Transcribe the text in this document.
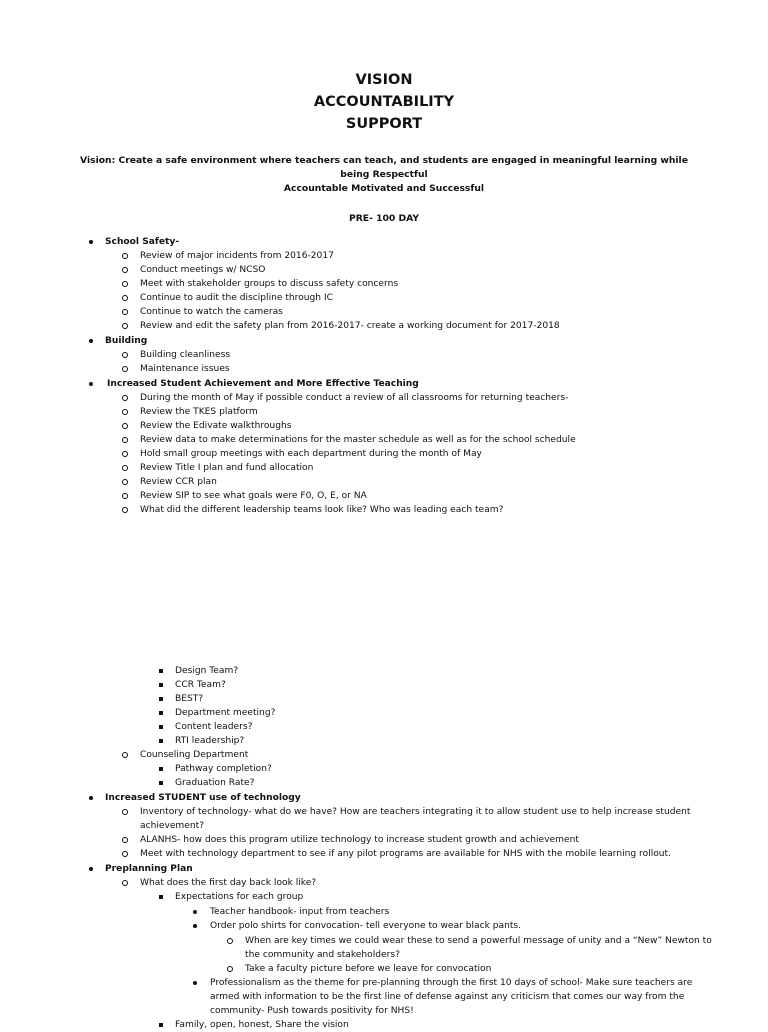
VISION
ACCOUNTABILITY
SUPPORT
Vision: Create a safe environment where teachers can teach, and students are engaged in meaningful learning while being Respectful
Accountable Motivated and Successful
PRE- 100 DAY
School Safety-
Review of major incidents from 2016-2017
Conduct meetings w/ NCSO
Meet with stakeholder groups to discuss safety concerns
Continue to audit the discipline through IC
Continue to watch the cameras
Review and edit the safety plan from 2016-2017- create a working document for 2017-2018
Building
Building cleanliness
Maintenance issues
Increased Student Achievement and More Effective Teaching
During the month of May if possible conduct a review of all classrooms for returning teachers-
Review the TKES platform
Review the Edivate walkthroughs
Review data to make determinations for the master schedule as well as for the school schedule
Hold small group meetings with each department during the month of May
Review Title I plan and fund allocation
Review CCR plan
Review SIP to see what goals were F0, O, E, or NA
What did the different leadership teams look like? Who was leading each team?
Design Team?
CCR Team?
BEST?
Department meeting?
Content leaders?
RTI leadership?
Counseling Department
Pathway completion?
Graduation Rate?
Increased STUDENT use of technology
Inventory of technology- what do we have? How are teachers integrating it to allow student use to help increase student
achievement?
ALANHS- how does this program utilize technology to increase student growth and achievement
Meet with technology department to see if any pilot programs are available for NHS with the mobile learning rollout.
Preplanning Plan
What does the first day back look like?
Expectations for each group
Teacher handbook- input from teachers
Order polo shirts for convocation- tell everyone to wear black pants.
When are key times we could wear these to send a powerful message of unity and a “New” Newton to
the community and stakeholders?
Take a faculty picture before we leave for convocation
Professionalism as the theme for pre-planning through the first 10 days of school- Make sure teachers are
armed with information to be the first line of defense against any criticism that comes our way from the
community- Push towards positivity for NHS!
Family, open, honest, Share the vision
